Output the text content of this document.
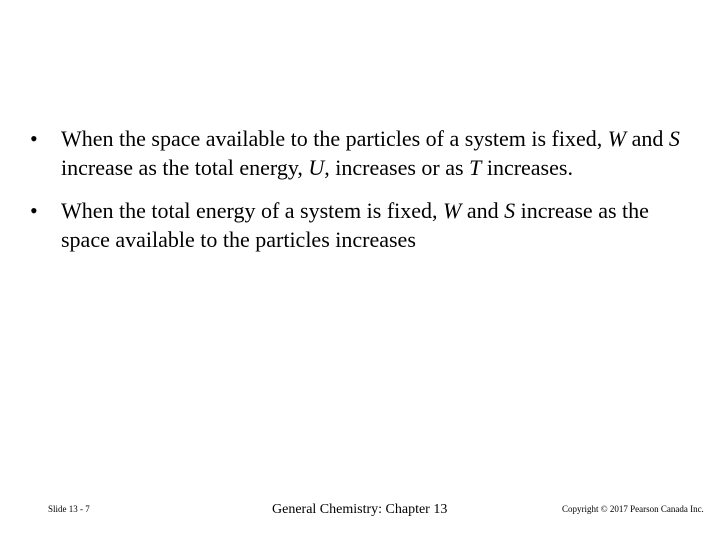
•	When the space available to the particles of a system is fixed, W and S increase as the total energy, U, increases or as T increases.
•	When the total energy of a system is fixed, W and S increase as the space available to the particles increases
Slide 13 - 7	General Chemistry: Chapter 13	Copyright © 2017 Pearson Canada Inc.
